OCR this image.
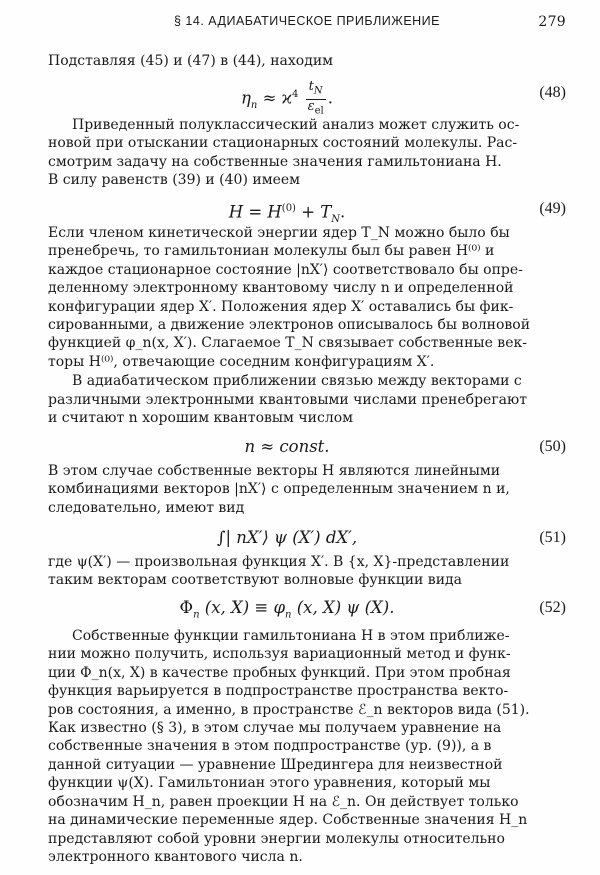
§ 14. АДИАБАТИЧЕСКОЕ ПРИБЛИЖЕНИЕ	279
Подставляя (45) и (47) в (44), находим
$\eta_n \approx ϰ^4 \frac{t_N}{\varepsilon_{el}}$ .	(48)
Приведенный полуклассический анализ может служить ос-
новой при отыскании стационарных состояний молекулы. Рас-
смотрим задачу на собственные значения гамильтониана H.
В силу равенств (39) и (40) имеем
$H = H^{(0)} + T_N$.	(49)
Если членом кинетической энергии ядер T_N можно было бы
пренебречь, то гамильтониан молекулы был бы равен H⁽⁰⁾ и
каждое стационарное состояние |nX′⟩ соответствовало бы опре-
деленному электронному квантовому числу n и определенной
конфигурации ядер X′. Положения ядер X′ оставались бы фик-
сированными, а движение электронов описывалось бы волновой
функцией φ_n(x, X′). Слагаемое T_N связывает собственные век-
торы H⁽⁰⁾, отвечающие соседним конфигурациям X′.
В адиабатическом приближении связью между векторами с
различными электронными квантовыми числами пренебрегают
и считают n хорошим квантовым числом
n ≈ const.	(50)
В этом случае собственные векторы H являются линейными
комбинациями векторов |nX′⟩ с определенным значением n и,
следовательно, имеют вид
∫| nX′⟩ ψ (X′) dX′,	(51)
где ψ(X′) — произвольная функция X′. В {x, X}-представлении
таким векторам соответствуют волновые функции вида
$\Phi_n$ (x, $X) \equiv \varphi_n$ (x, X) ψ (X).	(52)
Собственные функции гамильтониана H в этом приближе-
нии можно получить, используя вариационный метод и функ-
ции Φ_n(x, X) в качестве пробных функций. При этом пробная
функция варьируется в подпространстве пространства векто-
ров состояния, а именно, в пространстве ℰ_n векторов вида (51).
Как известно (§ 3), в этом случае мы получаем уравнение на
собственные значения в этом подпространстве (ур. (9)), а в
данной ситуации — уравнение Шредингера для неизвестной
функции ψ(X). Гамильтониан этого уравнения, который мы
обозначим H_n, равен проекции H на ℰ_n. Он действует только
на динамические переменные ядер. Собственные значения H_n
представляют собой уровни энергии молекулы относительно
электронного квантового числа n.
